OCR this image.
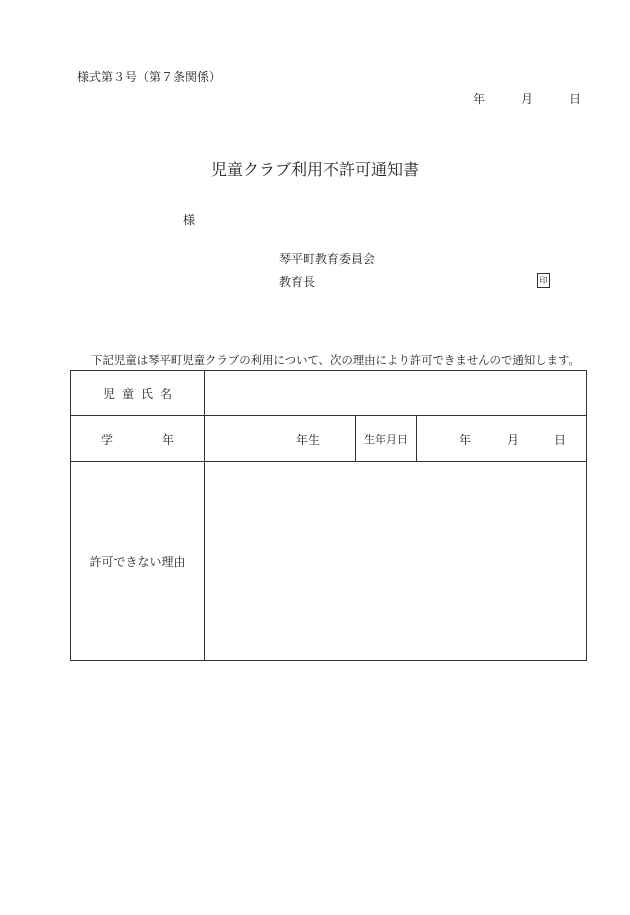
様式第３号（第７条関係）
年	月	日
児童クラブ利用不許可通知書
様
琴平町教育委員会
教育長	印
下記児童は琴平町児童クラブの利用について、次の理由により許可できませんので通知します。
児童氏名			

学 年	年生	生年月日	年 月 日

許可できない理由			
